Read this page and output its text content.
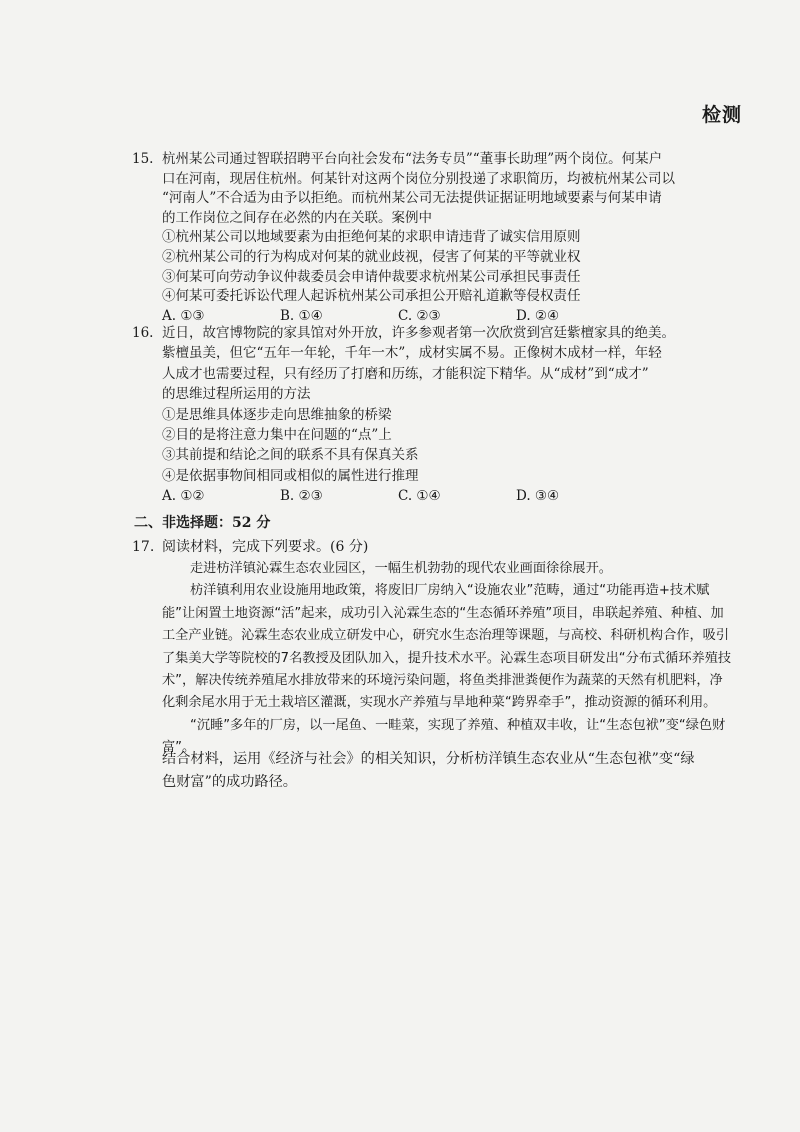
检测
15. 杭州某公司通过智联招聘平台向社会发布“法务专员”“董事长助理”两个岗位。何某户
口在河南，现居住杭州。何某针对这两个岗位分别投递了求职简历，均被杭州某公司以
“河南人”不合适为由予以拒绝。而杭州某公司无法提供证据证明地域要素与何某申请
的工作岗位之间存在必然的内在关联。案例中
①杭州某公司以地域要素为由拒绝何某的求职申请违背了诚实信用原则
②杭州某公司的行为构成对何某的就业歧视，侵害了何某的平等就业权
③何某可向劳动争议仲裁委员会申请仲裁要求杭州某公司承担民事责任
④何某可委托诉讼代理人起诉杭州某公司承担公开赔礼道歉等侵权责任
A. ①③	B. ①④	C. ②③	D. ②④
16. 近日，故宫博物院的家具馆对外开放，许多参观者第一次欣赏到宫廷紫檀家具的绝美。
紫檀虽美，但它“五年一年轮，千年一木”，成材实属不易。正像树木成材一样，年轻
人成才也需要过程，只有经历了打磨和历练，才能积淀下精华。从“成材”到“成才”
的思维过程所运用的方法
①是思维具体逐步走向思维抽象的桥梁
②目的是将注意力集中在问题的“点”上
③其前提和结论之间的联系不具有保真关系
④是依据事物间相同或相似的属性进行推理
A. ①②	B. ②③	C. ①④	D. ③④
二、非选择题：52 分
17. 阅读材料，完成下列要求。(6 分)

走进枋洋镇沁霖生态农业园区，一幅生机勃勃的现代农业画面徐徐展开。

枋洋镇利用农业设施用地政策，将废旧厂房纳入“设施农业”范畴，通过“功能再造+技术赋能”让闲置土地资源“活”起来，成功引入沁霖生态的“生态循环养殖”项目，串联起养殖、种植、加工全产业链。沁霖生态农业成立研发中心，研究水生态治理等课题，与高校、科研机构合作，吸引了集美大学等院校的7名教授及团队加入，提升技术水平。沁霖生态项目研发出“分布式循环养殖技术”，解决传统养殖尾水排放带来的环境污染问题，将鱼类排泄粪便作为蔬菜的天然有机肥料，净化剩余尾水用于无土栽培区灌溉，实现水产养殖与旱地种菜“跨界牵手”，推动资源的循环利用。

“沉睡”多年的厂房，以一尾鱼、一畦菜，实现了养殖、种植双丰收，让“生态包袱”变“绿色财富”。

结合材料，运用《经济与社会》的相关知识，分析枋洋镇生态农业从“生态包袱”变“绿

色财富”的成功路径。
